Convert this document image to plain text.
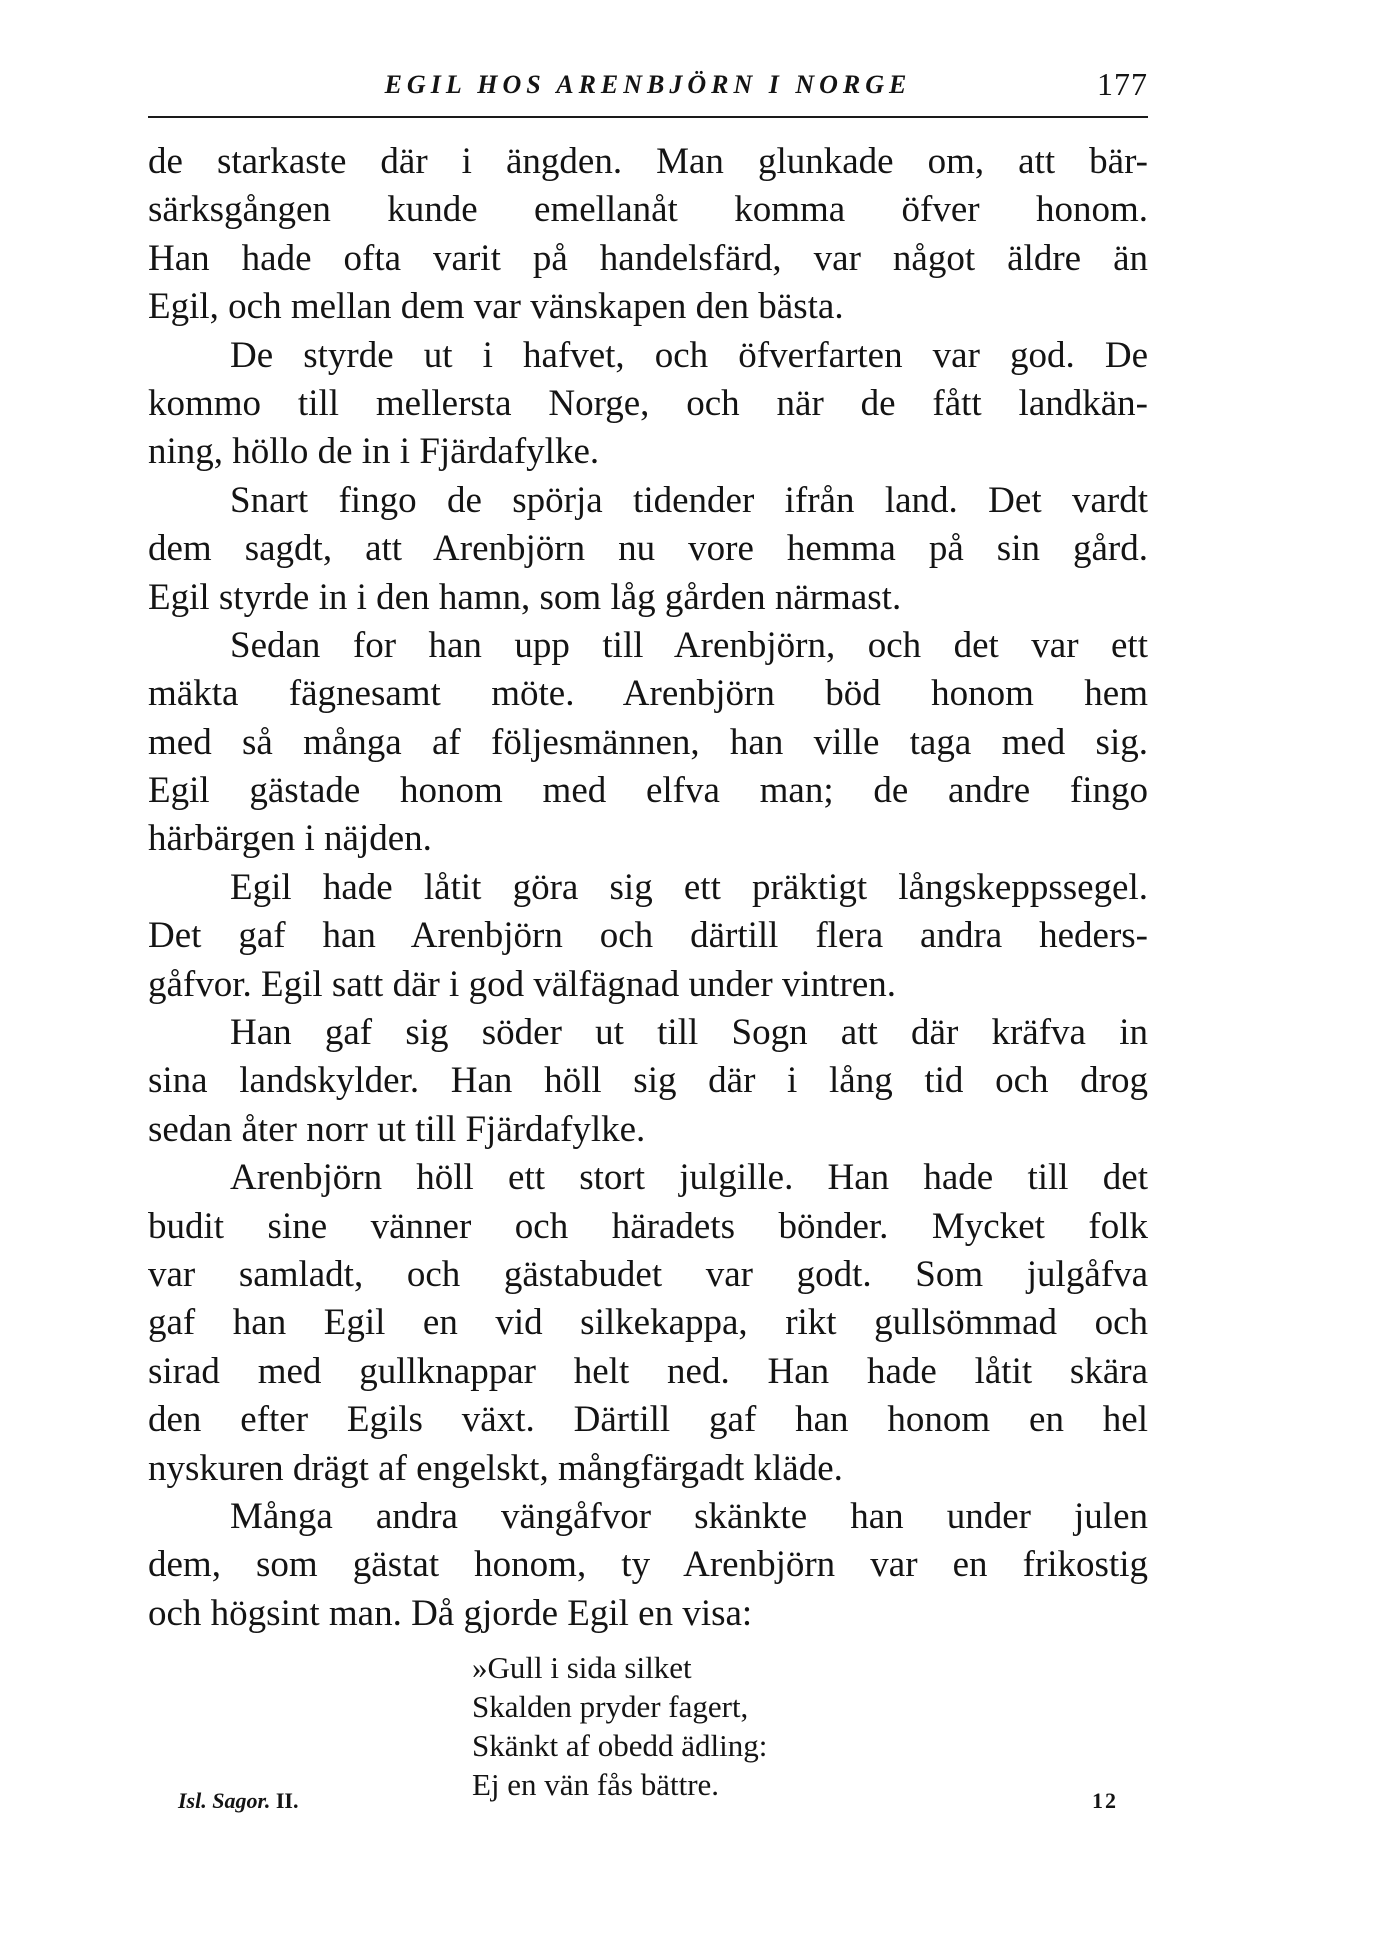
EGIL HOS ARENBJÖRN I NORGE	177
de starkaste där i ängden. Man glunkade om, att bär-
särksgången kunde emellanåt komma öfver honom.
Han hade ofta varit på handelsfärd, var något äldre än
Egil, och mellan dem var vänskapen den bästa.
De styrde ut i hafvet, och öfverfarten var god. De
kommo till mellersta Norge, och när de fått landkän-
ning, höllo de in i Fjärdafylke.
Snart fingo de spörja tidender ifrån land. Det vardt
dem sagdt, att Arenbjörn nu vore hemma på sin gård.
Egil styrde in i den hamn, som låg gården närmast.
Sedan for han upp till Arenbjörn, och det var ett
mäkta fägnesamt möte. Arenbjörn böd honom hem
med så många af följesmännen, han ville taga med sig.
Egil gästade honom med elfva man; de andre fingo
härbärgen i näjden.
Egil hade låtit göra sig ett präktigt långskeppssegel.
Det gaf han Arenbjörn och därtill flera andra heders-
gåfvor. Egil satt där i god välfägnad under vintren.
Han gaf sig söder ut till Sogn att där kräfva in
sina landskylder. Han höll sig där i lång tid och drog
sedan åter norr ut till Fjärdafylke.
Arenbjörn höll ett stort julgille. Han hade till det
budit sine vänner och häradets bönder. Mycket folk
var samladt, och gästabudet var godt. Som julgåfva
gaf han Egil en vid silkekappa, rikt gullsömmad och
sirad med gullknappar helt ned. Han hade låtit skära
den efter Egils växt. Därtill gaf han honom en hel
nyskuren drägt af engelskt, mångfärgadt kläde.
Många andra vängåfvor skänkte han under julen
dem, som gästat honom, ty Arenbjörn var en frikostig
och högsint man. Då gjorde Egil en visa:
»Gull i sida silket
Skalden pryder fagert,
Skänkt af obedd ädling:
Ej en vän fås bättre.
Isl. Sagor. II.	12
